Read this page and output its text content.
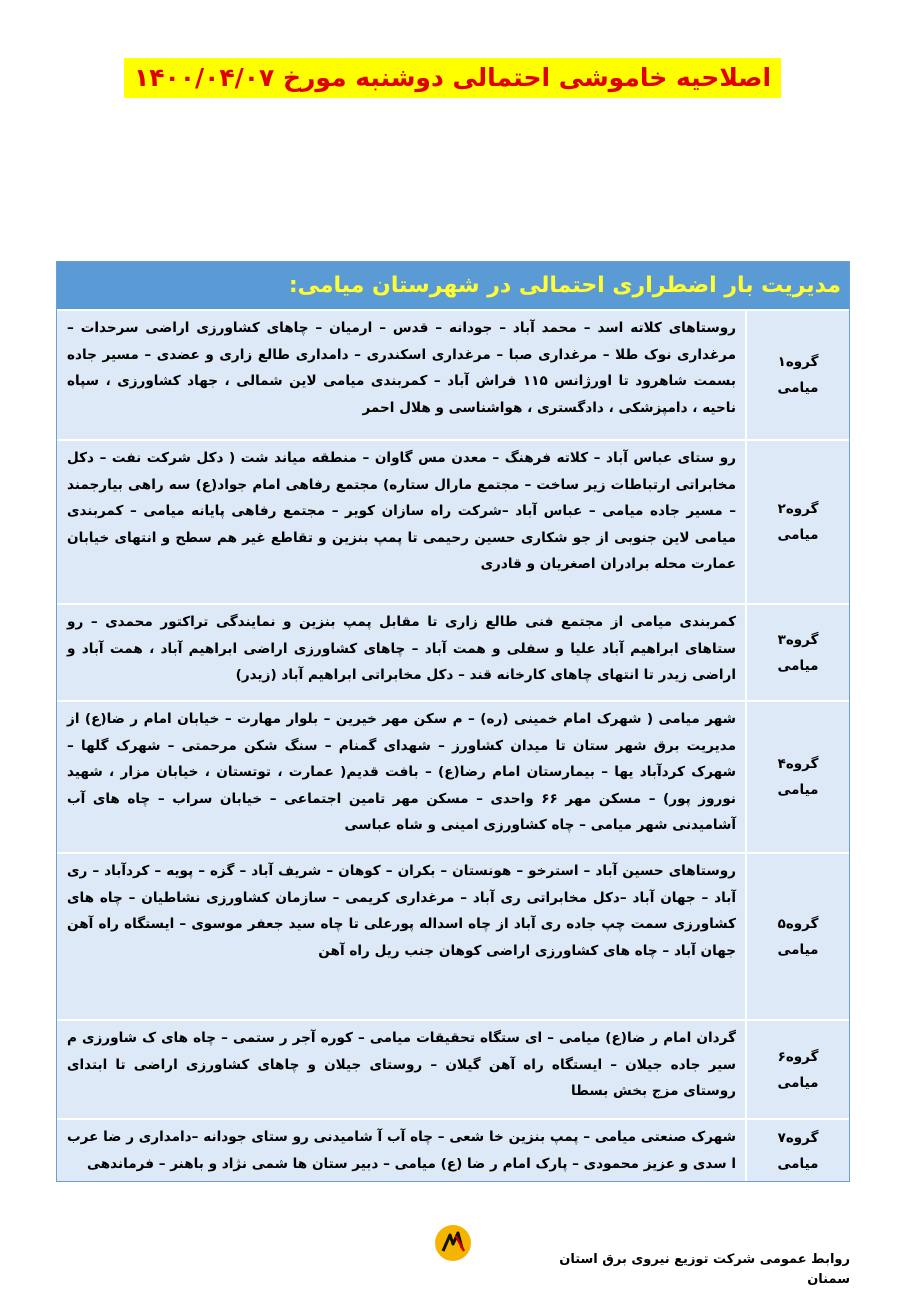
اصلاحیه خاموشی احتمالی دوشنبه مورخ ۱۴۰۰/۰۴/۰۷
مدیریت بار اضطراری احتمالی در شهرستان میامی:
گروه۱
میامی
روستاهای کلاته اسد – محمد آباد – جودانه – قدس – ارمیان – چاهای کشاورزی اراضی سرحدات – مرغداری نوک طلا – مرغداری صبا – مرغداری اسکندری – دامداری طالع زاری و عضدی – مسیر جاده بسمت شاهرود تا اورژانس ۱۱۵ فراش آباد – کمربندی میامی لاین شمالی ، جهاد کشاورزی ، سپاه ناحیه ، دامپزشکی ، دادگستری ، هواشناسی و هلال احمر
گروه۲
میامی
رو ستای عباس آباد – کلاته فرهنگ – معدن مس گاوان – منطقه میاند شت ( دکل شرکت نفت – دکل مخابراتی ارتباطات زیر ساخت – مجتمع مارال ستاره) مجتمع رفاهی امام جواد(ع) سه راهی بیارجمند – مسیر جاده میامی – عباس آباد –شرکت راه سازان کویر – مجتمع رفاهی پایانه میامی – کمربندی میامی لاین جنوبی از جو شکاری حسین رحیمی تا پمپ بنزین و تقاطع غیر هم سطح و انتهای خیابان عمارت محله برادران اصغریان و قادری
گروه۳
میامی
کمربندی میامی از مجتمع فنی طالع زاری تا مقابل پمپ بنزین و نمایندگی تراکتور محمدی – رو ستاهای ابراهیم آباد علیا و سفلی و همت آباد – چاهای کشاورزی اراضی ابراهیم آباد ، همت آباد و اراضی زیدر تا انتهای چاهای کارخانه قند – دکل مخابراتی ابراهیم آباد (زیدر)
گروه۴
میامی
شهر میامی ( شهرک امام خمینی (ره) – م سکن مهر خیرین – بلوار مهارت – خیابان امام ر ضا(ع) از مدیریت برق شهر ستان تا میدان کشاورز – شهدای گمنام – سنگ شکن مرحمتی – شهرک گلها – شهرک کردآباد یها – بیمارستان امام رضا(ع) – بافت قدیم( عمارت ، توتستان ، خیابان مزار ، شهید نوروز پور) – مسکن مهر ۶۶ واحدی – مسکن مهر تامین اجتماعی – خیابان سراب – چاه های آب آشامیدنی شهر میامی – چاه کشاورزی امینی و شاه عباسی
گروه۵
میامی
روستاهای حسین آباد – استرخو – هونستان – بکران – کوهان – شریف آباد – گزه – پویه – کردآباد – ری آباد – جهان آباد –دکل مخابراتی ری آباد – مرغداری کریمی – سازمان کشاورزی نشاطیان – چاه های کشاورزی سمت چپ جاده ری آباد از چاه اسداله پورعلی تا چاه سید جعفر موسوی – ایستگاه راه آهن جهان آباد – چاه های کشاورزی اراضی کوهان جنب ریل راه آهن
گروه۶
میامی
گردان امام ر ضا(ع) میامی – ای ستگاه تحقیقات میامی – کوره آجر ر ستمی – چاه های ک شاورزی م سیر جاده جیلان – ایستگاه راه آهن گیلان – روستای جیلان و چاهای کشاورزی اراضی تا ابتدای روستای مزج بخش بسطا
گروه۷
میامی
شهرک صنعتی میامی – پمپ بنزین خا شعی – چاه آب آ شامیدنی رو ستای جودانه –دامداری ر ضا عرب ا سدی و عزیز محمودی – پارک امام ر ضا (ع) میامی – دبیر ستان ها شمی نژاد و باهنر – فرماندهی
روابط عمومی شرکت توزیع نیروی برق استان سمنان
